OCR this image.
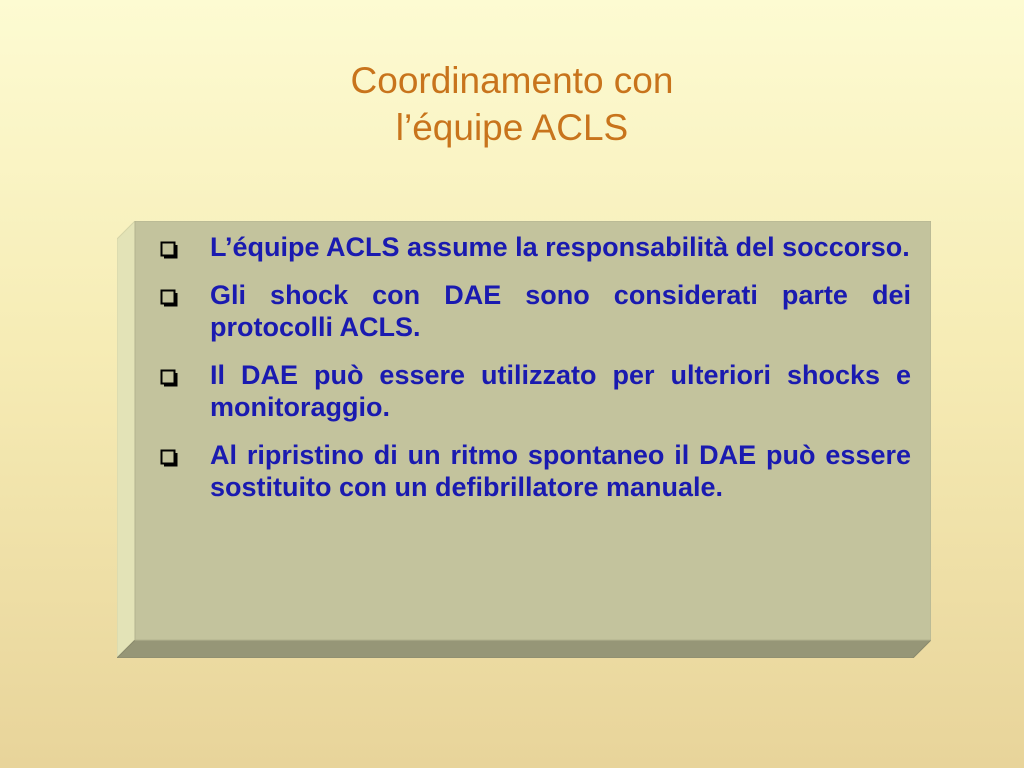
Coordinamento con
l’équipe ACLS
L’équipe ACLS assume la responsabilità del soccorso.
Gli shock con DAE sono considerati parte dei protocolli ACLS.
Il DAE può essere utilizzato per ulteriori shocks e monitoraggio.
Al ripristino di un ritmo spontaneo il DAE può essere sostituito con un defibrillatore manuale.
